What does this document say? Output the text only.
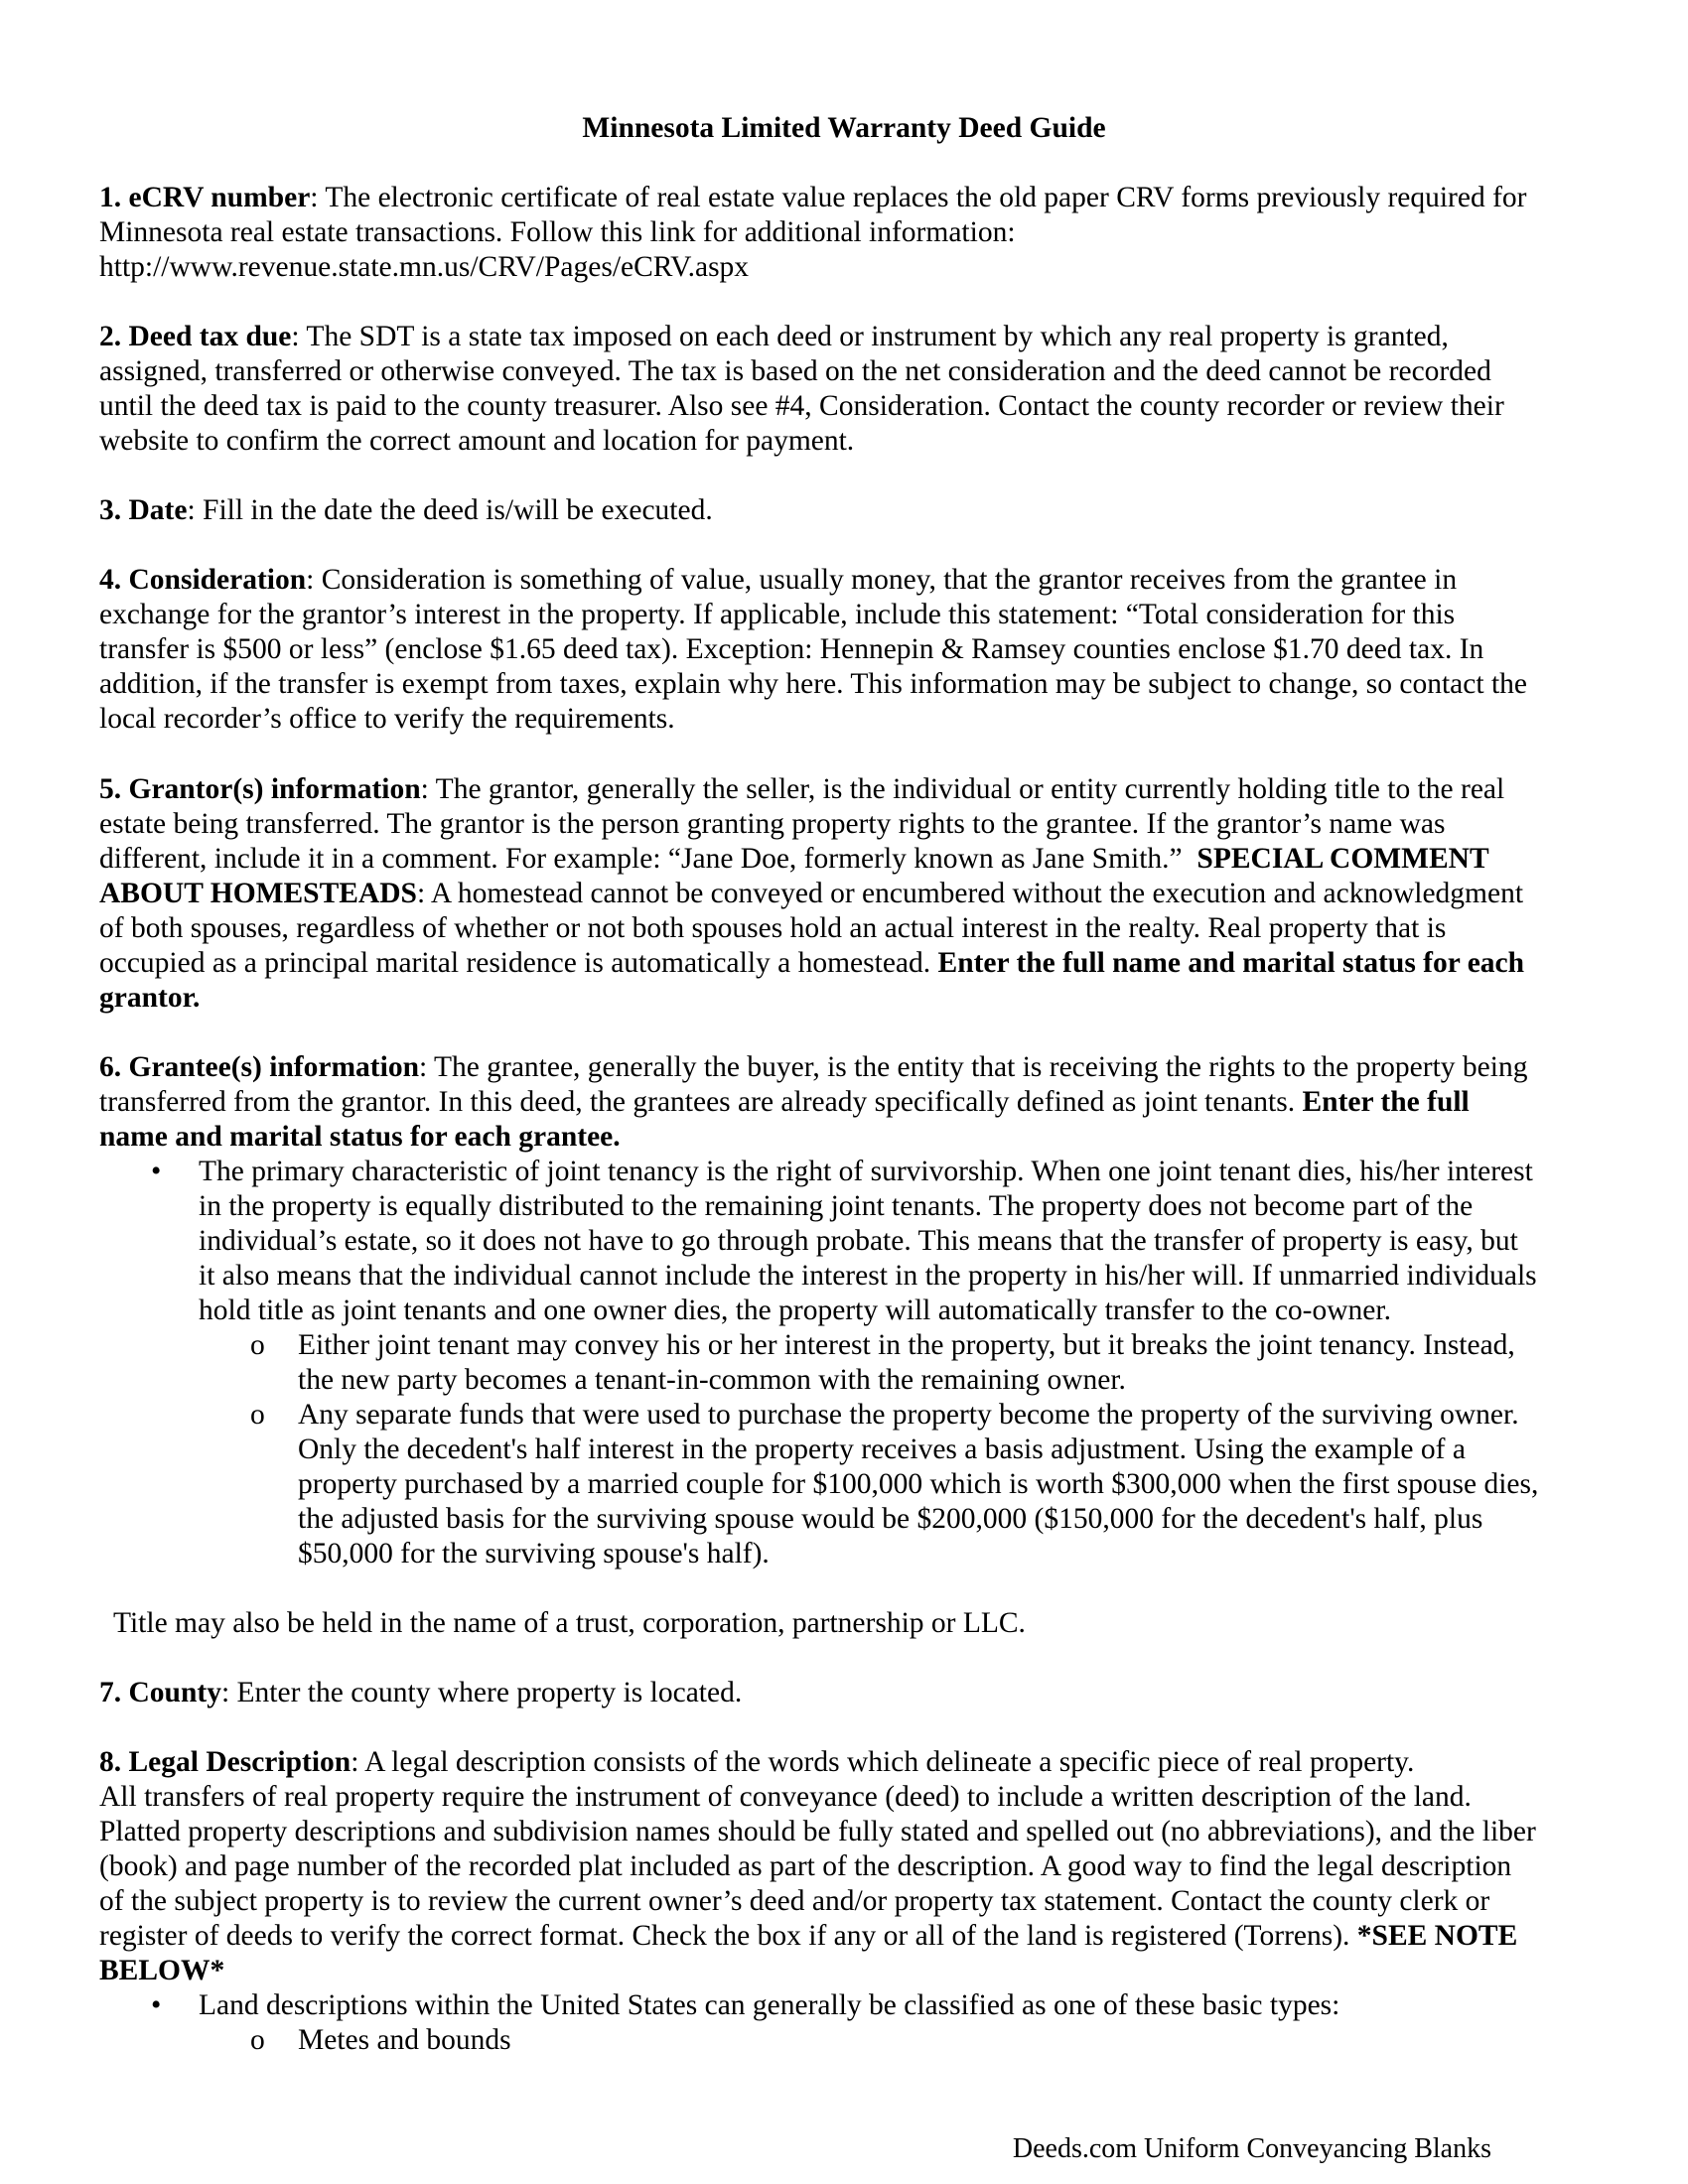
Minnesota Limited Warranty Deed Guide
1. eCRV number: The electronic certificate of real estate value replaces the old paper CRV forms previously required for
Minnesota real estate transactions. Follow this link for additional information:
http://www.revenue.state.mn.us/CRV/Pages/eCRV.aspx
2. Deed tax due: The SDT is a state tax imposed on each deed or instrument by which any real property is granted,
assigned, transferred or otherwise conveyed. The tax is based on the net consideration and the deed cannot be recorded
until the deed tax is paid to the county treasurer. Also see #4, Consideration. Contact the county recorder or review their
website to confirm the correct amount and location for payment.
3. Date: Fill in the date the deed is/will be executed.
4. Consideration: Consideration is something of value, usually money, that the grantor receives from the grantee in
exchange for the grantor’s interest in the property. If applicable, include this statement: “Total consideration for this
transfer is $500 or less” (enclose $1.65 deed tax). Exception: Hennepin & Ramsey counties enclose $1.70 deed tax. In
addition, if the transfer is exempt from taxes, explain why here. This information may be subject to change, so contact the
local recorder’s office to verify the requirements.
5. Grantor(s) information: The grantor, generally the seller, is the individual or entity currently holding title to the real
estate being transferred. The grantor is the person granting property rights to the grantee. If the grantor’s name was
different, include it in a comment. For example: “Jane Doe, formerly known as Jane Smith.”  SPECIAL COMMENT
ABOUT HOMESTEADS: A homestead cannot be conveyed or encumbered without the execution and acknowledgment
of both spouses, regardless of whether or not both spouses hold an actual interest in the realty. Real property that is
occupied as a principal marital residence is automatically a homestead. Enter the full name and marital status for each
grantor.
6. Grantee(s) information: The grantee, generally the buyer, is the entity that is receiving the rights to the property being
transferred from the grantor. In this deed, the grantees are already specifically defined as joint tenants. Enter the full
name and marital status for each grantee.
• The primary characteristic of joint tenancy is the right of survivorship. When one joint tenant dies, his/her interest
in the property is equally distributed to the remaining joint tenants. The property does not become part of the
individual’s estate, so it does not have to go through probate. This means that the transfer of property is easy, but
it also means that the individual cannot include the interest in the property in his/her will. If unmarried individuals
hold title as joint tenants and one owner dies, the property will automatically transfer to the co-owner.
o Either joint tenant may convey his or her interest in the property, but it breaks the joint tenancy. Instead,
the new party becomes a tenant-in-common with the remaining owner.
o Any separate funds that were used to purchase the property become the property of the surviving owner.
Only the decedent's half interest in the property receives a basis adjustment. Using the example of a
property purchased by a married couple for $100,000 which is worth $300,000 when the first spouse dies,
the adjusted basis for the surviving spouse would be $200,000 ($150,000 for the decedent's half, plus
$50,000 for the surviving spouse's half).
Title may also be held in the name of a trust, corporation, partnership or LLC.
7. County: Enter the county where property is located.
8. Legal Description: A legal description consists of the words which delineate a specific piece of real property.
All transfers of real property require the instrument of conveyance (deed) to include a written description of the land.
Platted property descriptions and subdivision names should be fully stated and spelled out (no abbreviations), and the liber
(book) and page number of the recorded plat included as part of the description. A good way to find the legal description
of the subject property is to review the current owner’s deed and/or property tax statement. Contact the county clerk or
register of deeds to verify the correct format. Check the box if any or all of the land is registered (Torrens). *SEE NOTE
BELOW*
• Land descriptions within the United States can generally be classified as one of these basic types:
o Metes and bounds
Deeds.com Uniform Conveyancing Blanks
